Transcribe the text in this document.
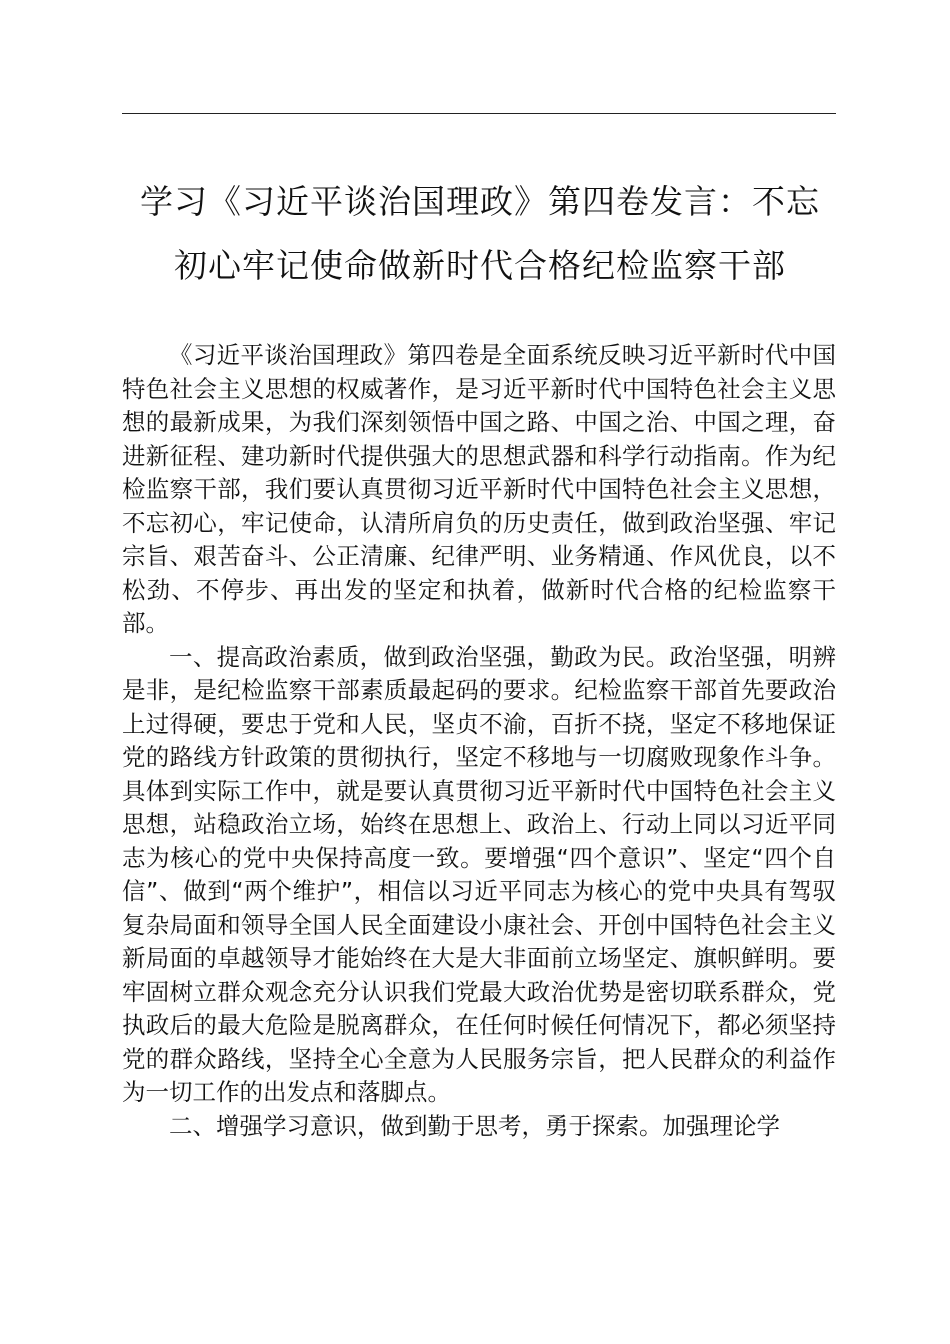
学习《习近平谈治国理政》第四卷发言：不忘
初心牢记使命做新时代合格纪检监察干部

《习近平谈治国理政》第四卷是全面系统反映习近平新时代中国特色社会主义思想的权威著作，是习近平新时代中国特色社会主义思想的最新成果，为我们深刻领悟中国之路、中国之治、中国之理，奋进新征程、建功新时代提供强大的思想武器和科学行动指南。作为纪检监察干部，我们要认真贯彻习近平新时代中国特色社会主义思想，不忘初心，牢记使命，认清所肩负的历史责任，做到政治坚强、牢记宗旨、艰苦奋斗、公正清廉、纪律严明、业务精通、作风优良，以不松劲、不停步、再出发的坚定和执着，做新时代合格的纪检监察干部。

一、提高政治素质，做到政治坚强，勤政为民。政治坚强，明辨是非，是纪检监察干部素质最起码的要求。纪检监察干部首先要政治上过得硬，要忠于党和人民，坚贞不渝，百折不挠，坚定不移地保证党的路线方针政策的贯彻执行，坚定不移地与一切腐败现象作斗争。具体到实际工作中，就是要认真贯彻习近平新时代中国特色社会主义思想，站稳政治立场，始终在思想上、政治上、行动上同以习近平同志为核心的党中央保持高度一致。要增强“四个意识”、坚定“四个自信”、做到“两个维护”，相信以习近平同志为核心的党中央具有驾驭复杂局面和领导全国人民全面建设小康社会、开创中国特色社会主义新局面的卓越领导才能始终在大是大非面前立场坚定、旗帜鲜明。要牢固树立群众观念充分认识我们党最大政治优势是密切联系群众，党执政后的最大危险是脱离群众，在任何时候任何情况下，都必须坚持党的群众路线，坚持全心全意为人民服务宗旨，把人民群众的利益作为一切工作的出发点和落脚点。

二、增强学习意识，做到勤于思考，勇于探索。加强理论学
